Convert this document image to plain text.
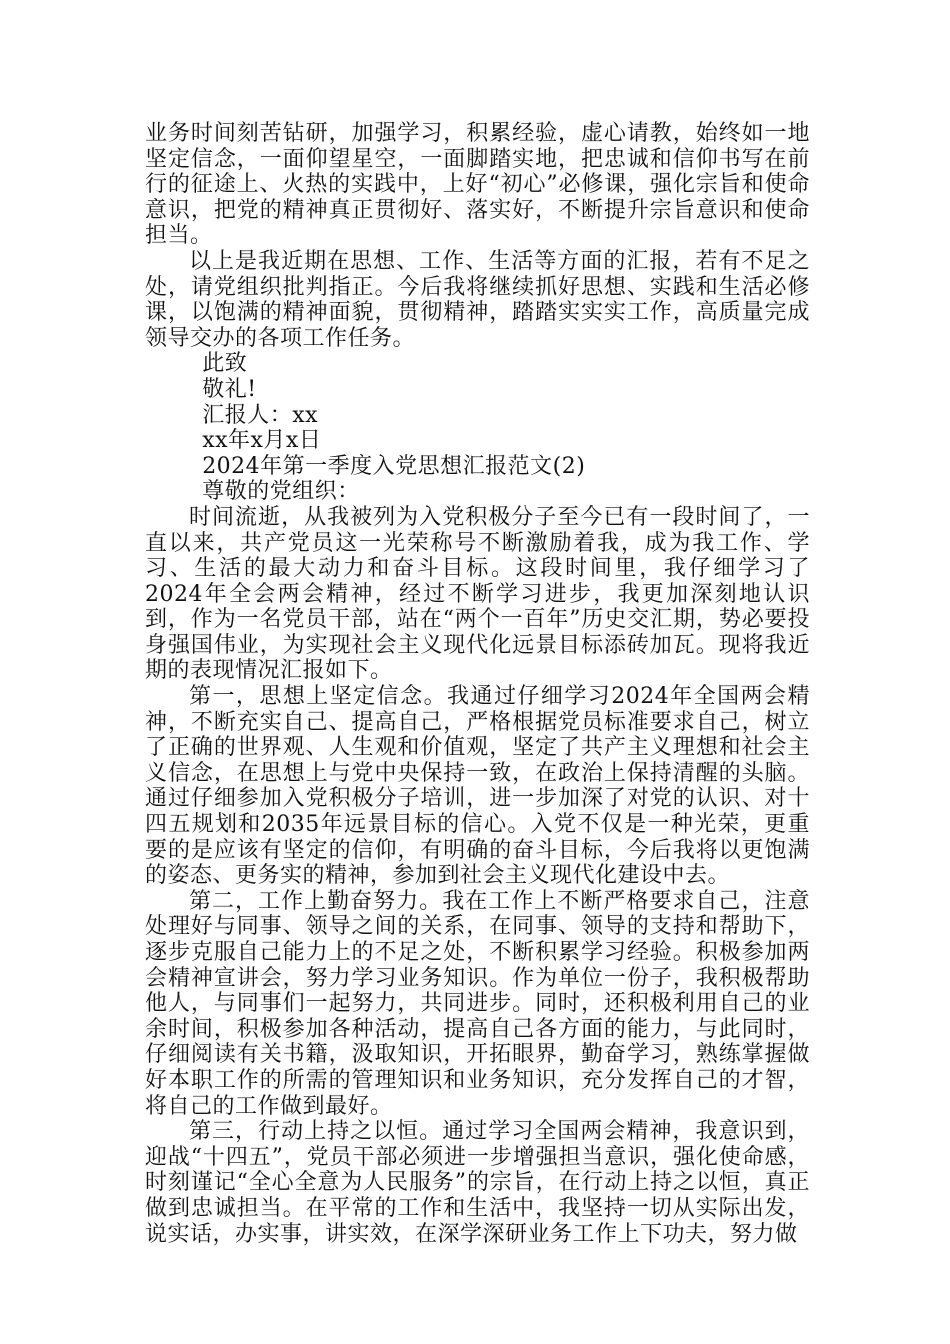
业务时间刻苦钻研，加强学习，积累经验，虚心请教，始终如一地坚定信念，一面仰望星空，一面脚踏实地，把忠诚和信仰书写在前行的征途上、火热的实践中，上好“初心”必修课，强化宗旨和使命意识，把党的精神真正贯彻好、落实好，不断提升宗旨意识和使命担当。

以上是我近期在思想、工作、生活等方面的汇报，若有不足之处，请党组织批判指正。今后我将继续抓好思想、实践和生活必修课，以饱满的精神面貌，贯彻精神，踏踏实实实工作，高质量完成领导交办的各项工作任务。

此致

敬礼!

汇报人：xx

xx年x月x日

2024年第一季度入党思想汇报范文(2)

尊敬的党组织：

时间流逝，从我被列为入党积极分子至今已有一段时间了，一直以来，共产党员这一光荣称号不断激励着我，成为我工作、学习、生活的最大动力和奋斗目标。这段时间里，我仔细学习了2024年全会两会精神，经过不断学习进步，我更加深刻地认识到，作为一名党员干部，站在“两个一百年”历史交汇期，势必要投身强国伟业，为实现社会主义现代化远景目标添砖加瓦。现将我近期的表现情况汇报如下。

第一，思想上坚定信念。我通过仔细学习2024年全国两会精神，不断充实自己、提高自己，严格根据党员标准要求自己，树立了正确的世界观、人生观和价值观，坚定了共产主义理想和社会主义信念，在思想上与党中央保持一致，在政治上保持清醒的头脑。通过仔细参加入党积极分子培训，进一步加深了对党的认识、对十四五规划和2035年远景目标的信心。入党不仅是一种光荣，更重要的是应该有坚定的信仰，有明确的奋斗目标，今后我将以更饱满的姿态、更务实的精神，参加到社会主义现代化建设中去。

第二，工作上勤奋努力。我在工作上不断严格要求自己，注意处理好与同事、领导之间的关系，在同事、领导的支持和帮助下，逐步克服自己能力上的不足之处，不断积累学习经验。积极参加两会精神宣讲会，努力学习业务知识。作为单位一份子，我积极帮助他人，与同事们一起努力，共同进步。同时，还积极利用自己的业余时间，积极参加各种活动，提高自己各方面的能力，与此同时，仔细阅读有关书籍，汲取知识，开拓眼界，勤奋学习，熟练掌握做好本职工作的所需的管理知识和业务知识，充分发挥自己的才智，将自己的工作做到最好。

第三，行动上持之以恒。通过学习全国两会精神，我意识到，迎战“十四五”，党员干部必须进一步增强担当意识，强化使命感，时刻谨记“全心全意为人民服务”的宗旨，在行动上持之以恒，真正做到忠诚担当。在平常的工作和生活中，我坚持一切从实际出发，说实话，办实事，讲实效，在深学深研业务工作上下功夫，努力做
